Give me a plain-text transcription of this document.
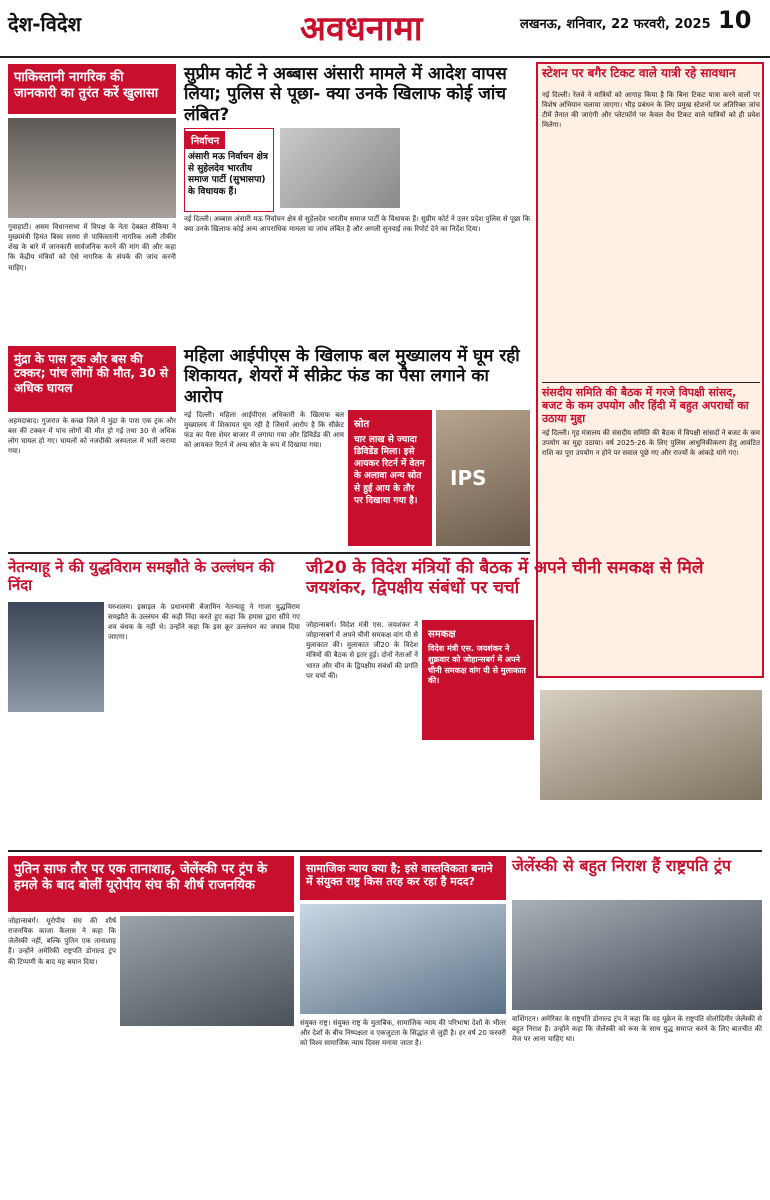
देश-विदेश	अवधनामा	लखनऊ, शनिवार, 22 फरवरी, 2025 10
पाकिस्तानी नागरिक की जानकारी का तुरंत करें खुलासा
गुवाहाटी। असम विधानसभा में विपक्ष के नेता देबब्रत सैकिया ने मुख्यमंत्री हिमंत बिस्व सरमा से पाकिस्तानी नागरिक अली तौकीर शेख के बारे में जानकारी सार्वजनिक करने की मांग की और कहा कि केंद्रीय मंत्रियों को ऐसे नागरिक के संपर्क की जांच करनी चाहिए।
सुप्रीम कोर्ट ने अब्बास अंसारी मामले में आदेश वापस लिया; पुलिस से पूछा- क्या उनके खिलाफ कोई जांच लंबित?
निर्वाचन
अंसारी मऊ निर्वाचन क्षेत्र से सुहेलदेव भारतीय समाज पार्टी (सुभासपा) के विधायक हैं।
नई दिल्ली। अब्बास अंसारी मऊ निर्वाचन क्षेत्र से सुहेलदेव भारतीय समाज पार्टी के विधायक हैं। सुप्रीम कोर्ट ने उत्तर प्रदेश पुलिस से पूछा कि क्या उनके खिलाफ कोई अन्य आपराधिक मामला या जांच लंबित है और अगली सुनवाई तक रिपोर्ट देने का निर्देश दिया।
स्टेशन पर बगैर टिकट वाले यात्री रहे सावधान
नई दिल्ली। रेलवे ने यात्रियों को आगाह किया है कि बिना टिकट यात्रा करने वालों पर विशेष अभियान चलाया जाएगा। भीड़ प्रबंधन के लिए प्रमुख स्टेशनों पर अतिरिक्त जांच टीमें तैनात की जाएंगी और प्लेटफॉर्म पर केवल वैध टिकट वाले यात्रियों को ही प्रवेश मिलेगा।
संसदीय समिति की बैठक में गरजे विपक्षी सांसद, बजट के कम उपयोग और हिंदी में बहुत अपराधों का उठाया मुद्दा
नई दिल्ली। गृह मंत्रालय की संसदीय समिति की बैठक में विपक्षी सांसदों ने बजट के कम उपयोग का मुद्दा उठाया। वर्ष 2025-26 के लिए पुलिस आधुनिकीकरण हेतु आवंटित राशि का पूरा उपयोग न होने पर सवाल पूछे गए और राज्यों के आंकड़े मांगे गए।
मुंद्रा के पास ट्रक और बस की टक्कर; पांच लोगों की मौत, 30 से अधिक घायल
अहमदाबाद। गुजरात के कच्छ जिले में मुंद्रा के पास एक ट्रक और बस की टक्कर में पांच लोगों की मौत हो गई तथा 30 से अधिक लोग घायल हो गए। घायलों को नजदीकी अस्पताल में भर्ती कराया गया।
महिला आईपीएस के खिलाफ बल मुख्यालय में घूम रही शिकायत, शेयरों में सीक्रेट फंड का पैसा लगाने का आरोप
नई दिल्ली। महिला आईपीएस अधिकारी के खिलाफ बल मुख्यालय में शिकायत घूम रही है जिसमें आरोप है कि सीक्रेट फंड का पैसा शेयर बाजार में लगाया गया और डिविडेंड की आय को आयकर रिटर्न में अन्य स्रोत के रूप में दिखाया गया।
स्रोत
चार लाख से ज्यादा डिविडेंड मिला। इसे आयकर रिटर्न में वेतन के अलावा अन्य स्रोत से हुई आय के तौर पर दिखाया गया है।
IPS
नेतन्याहू ने की युद्धविराम समझौते के उल्लंघन की निंदा
यरुशलम। इस्राइल के प्रधानमंत्री बेंजामिन नेतन्याहू ने गाजा युद्धविराम समझौते के उल्लंघन की कड़ी निंदा करते हुए कहा कि हमास द्वारा सौंपे गए शव बंधक के नहीं थे। उन्होंने कहा कि इस क्रूर उल्लंघन का जवाब दिया जाएगा।
जी20 के विदेश मंत्रियों की बैठक में अपने चीनी समकक्ष से मिले जयशंकर, द्विपक्षीय संबंधों पर चर्चा
जोहान्सबर्ग। विदेश मंत्री एस. जयशंकर ने जोहान्सबर्ग में अपने चीनी समकक्ष वांग यी से मुलाकात की। मुलाकात जी20 के विदेश मंत्रियों की बैठक से इतर हुई। दोनों नेताओं ने भारत और चीन के द्विपक्षीय संबंधों की प्रगति पर चर्चा की।
समकक्ष
विदेश मंत्री एस. जयशंकर ने शुक्रवार को जोहान्सबर्ग में अपने चीनी समकक्ष वांग यी से मुलाकात की।
पुतिन साफ तौर पर एक तानाशाह, जेलेंस्की पर ट्रंप के हमले के बाद बोलीं यूरोपीय संघ की शीर्ष राजनयिक
जोहान्सबर्ग। यूरोपीय संघ की शीर्ष राजनयिक काजा कैलास ने कहा कि जेलेंस्की नहीं, बल्कि पुतिन एक तानाशाह हैं। उन्होंने अमेरिकी राष्ट्रपति डोनाल्ड ट्रंप की टिप्पणी के बाद यह बयान दिया।
सामाजिक न्याय क्या है; इसे वास्तविकता बनाने में संयुक्त राष्ट्र किस तरह कर रहा है मदद?
संयुक्त राष्ट्र। संयुक्त राष्ट्र के मुताबिक, सामाजिक न्याय की परिभाषा देशों के भीतर और देशों के बीच निष्पक्षता व एकजुटता के सिद्धांत से जुड़ी है। हर वर्ष 20 फरवरी को विश्व सामाजिक न्याय दिवस मनाया जाता है।
जेलेंस्की से बहुत निराश हैं राष्ट्रपति ट्रंप
वाशिंगटन। अमेरिका के राष्ट्रपति डोनाल्ड ट्रंप ने कहा कि वह यूक्रेन के राष्ट्रपति वोलोदिमीर जेलेंस्की से बहुत निराश हैं। उन्होंने कहा कि जेलेंस्की को रूस के साथ युद्ध समाप्त करने के लिए बातचीत की मेज पर आना चाहिए था।
